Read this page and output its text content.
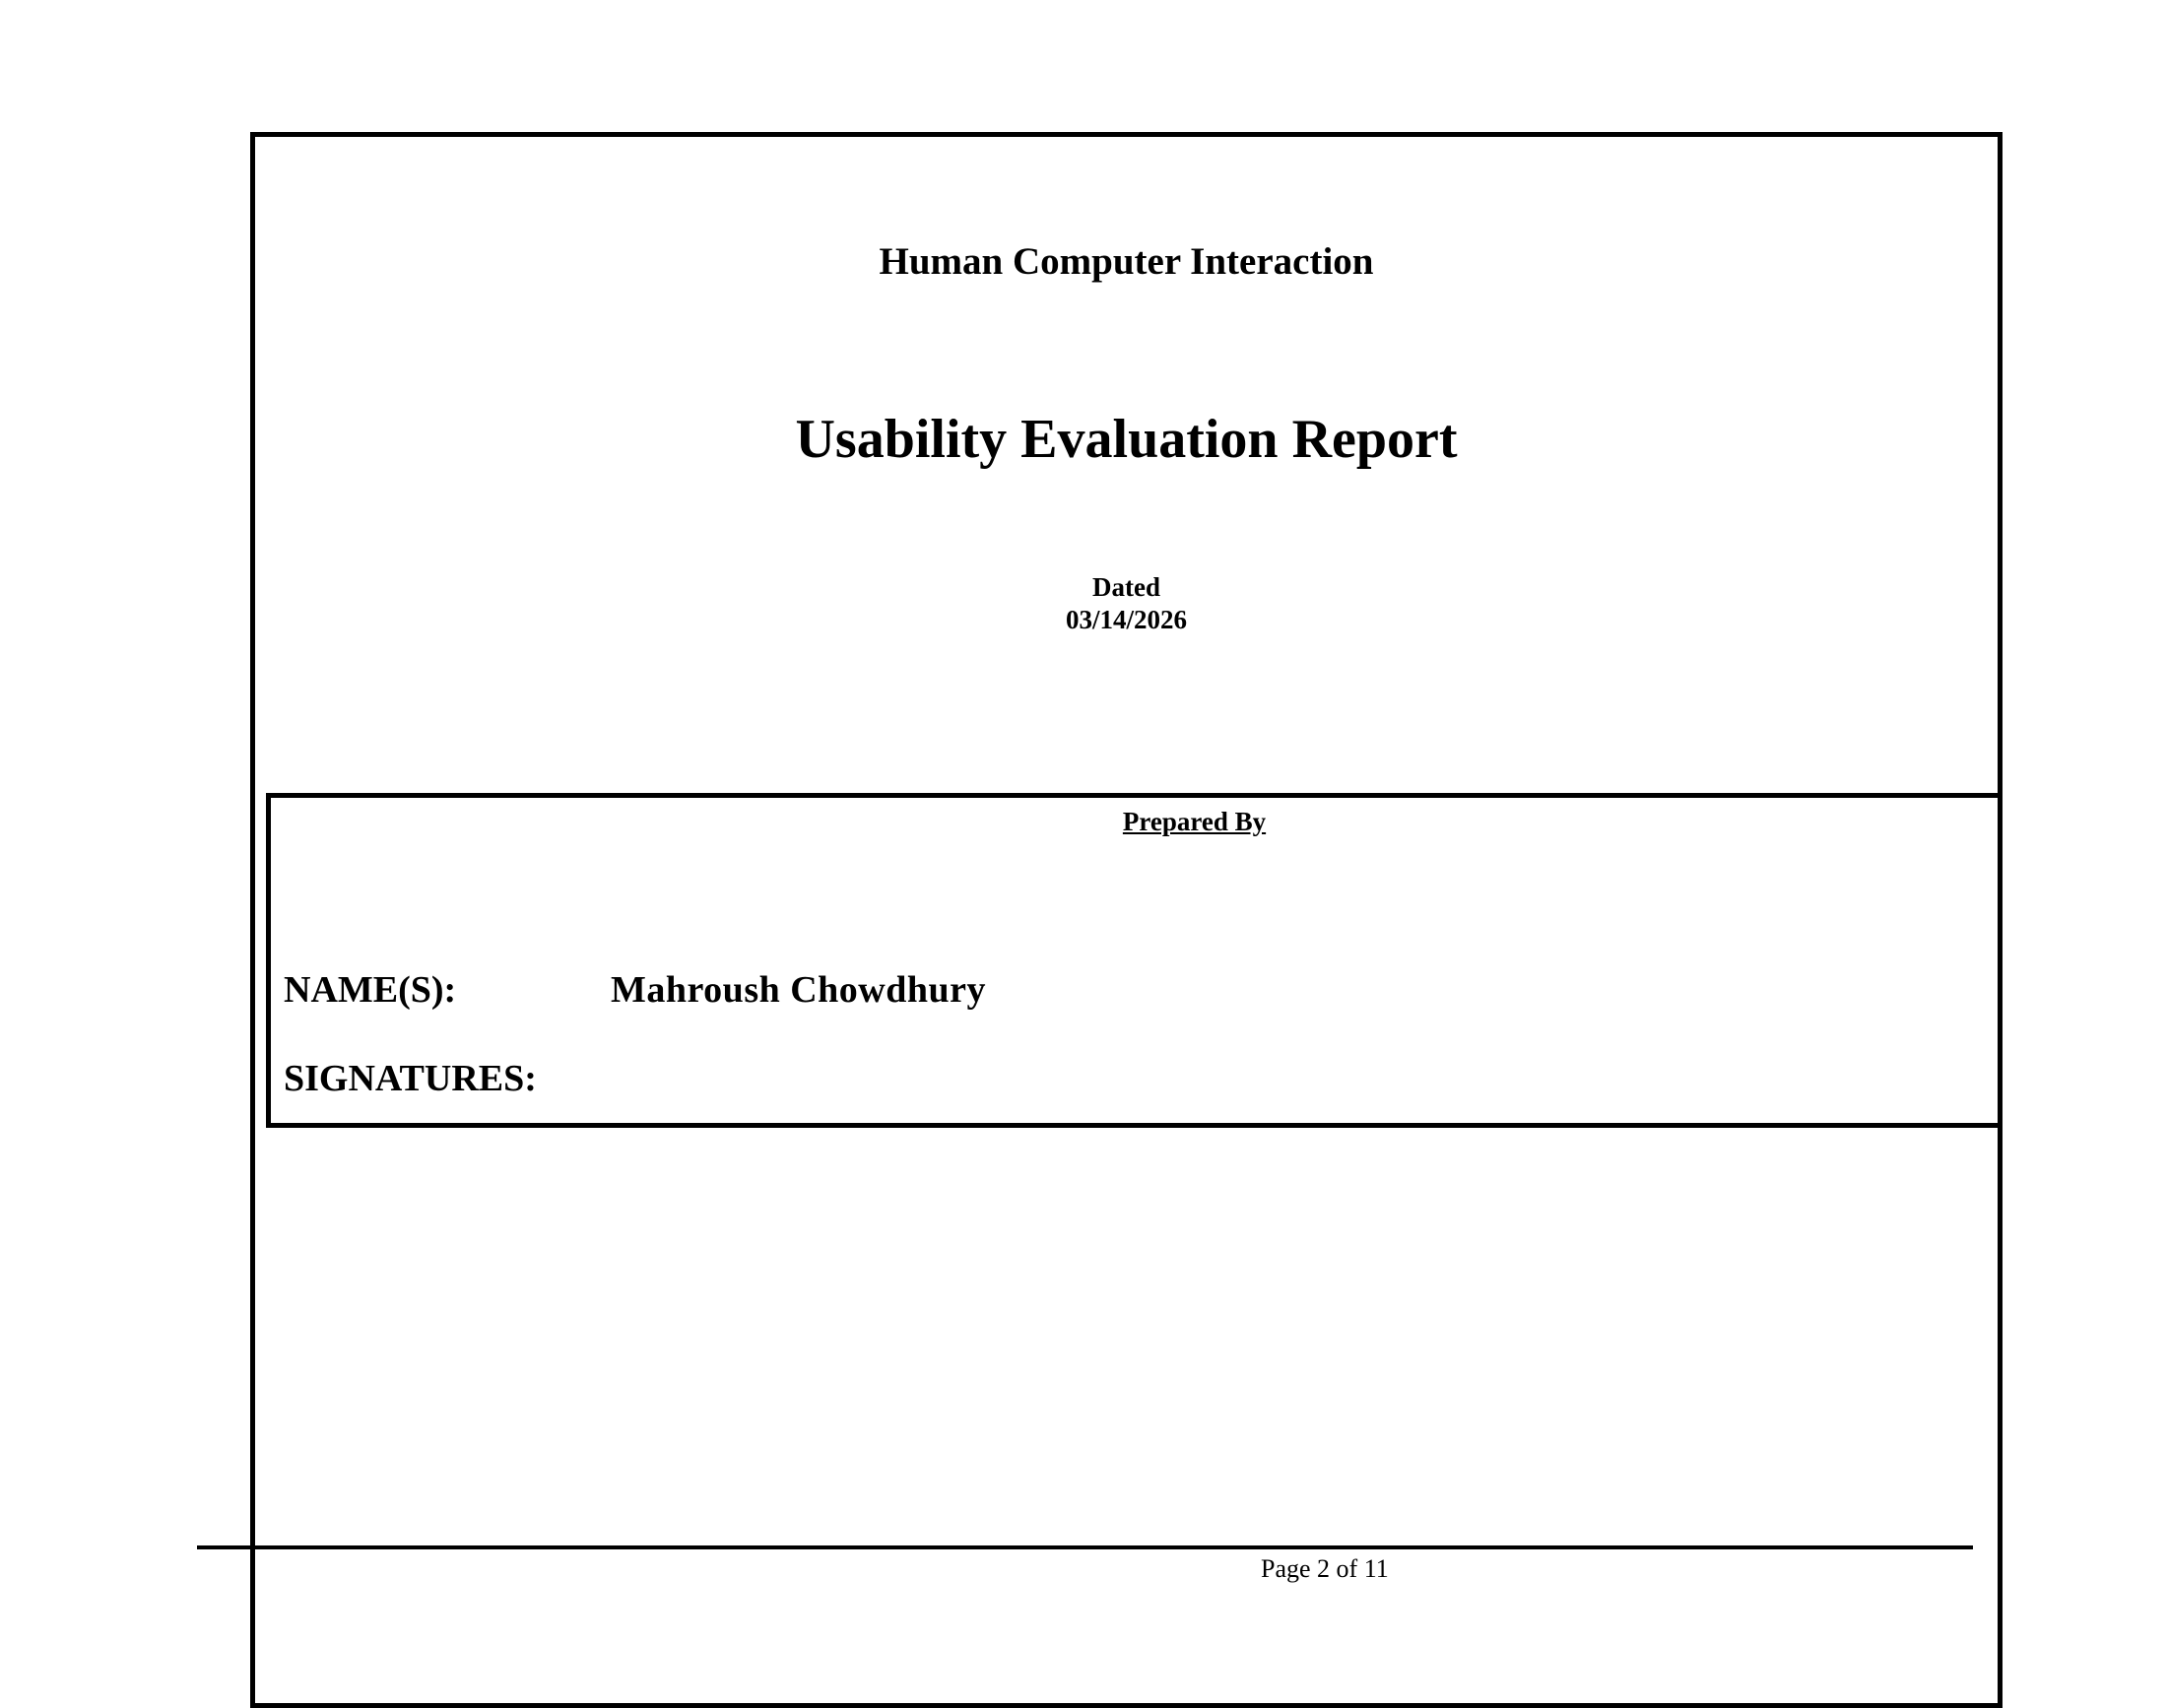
Human Computer Interaction
Usability Evaluation Report
Dated
03/14/2026
Prepared By
NAME(S):	Mahroush Chowdhury
SIGNATURES:
Page 2 of 11
